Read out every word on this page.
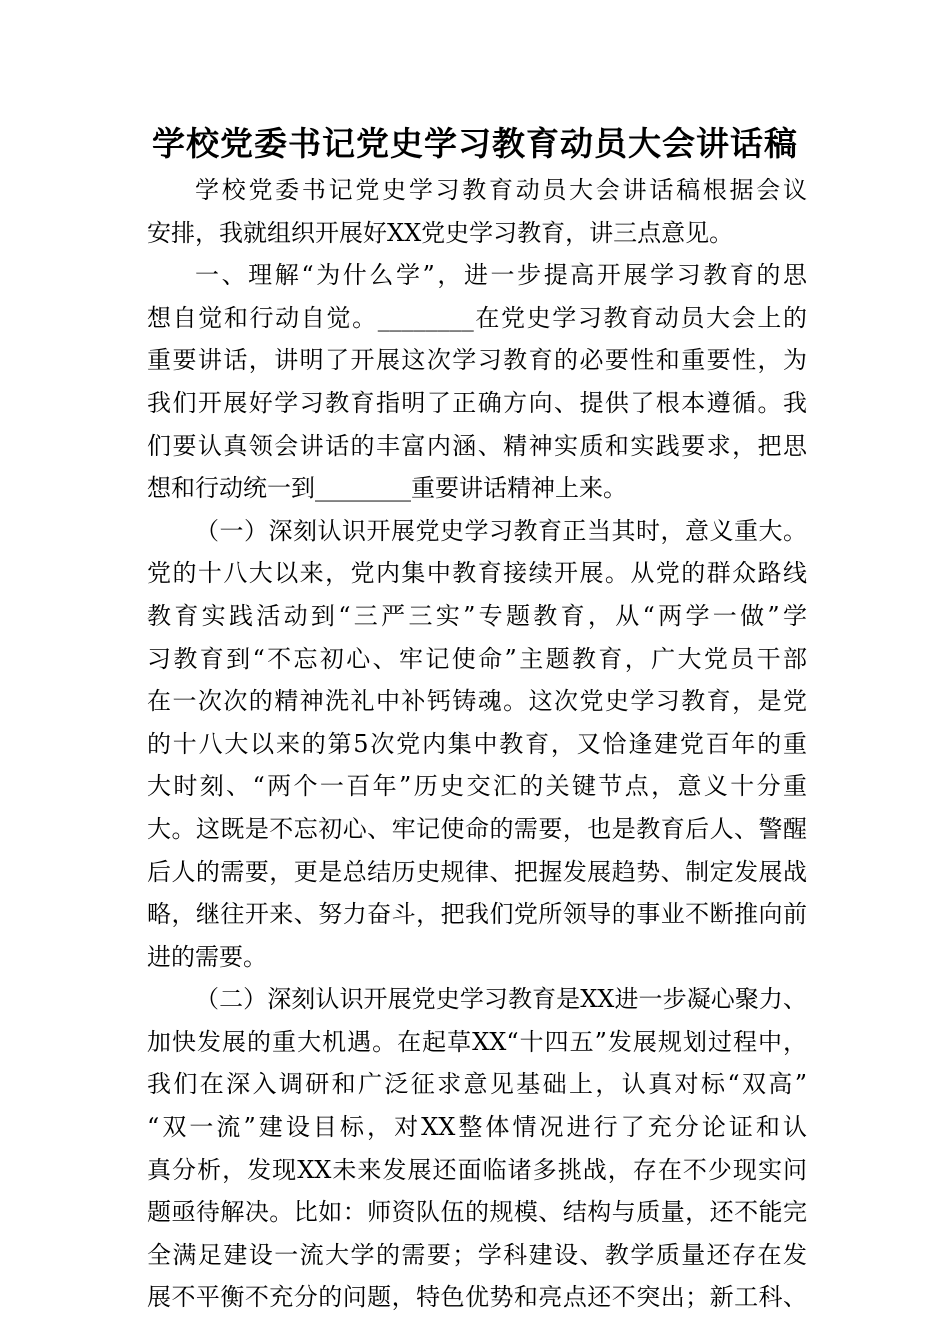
学校党委书记党史学习教育动员大会讲话稿
学校党委书记党史学习教育动员大会讲话稿根据会议
安排，我就组织开展好XX党史学习教育，讲三点意见。
一、理解“为什么学”，进一步提高开展学习教育的思
想自觉和行动自觉。________在党史学习教育动员大会上的
重要讲话，讲明了开展这次学习教育的必要性和重要性，为
我们开展好学习教育指明了正确方向、提供了根本遵循。我
们要认真领会讲话的丰富内涵、精神实质和实践要求，把思
想和行动统一到________重要讲话精神上来。
（一）深刻认识开展党史学习教育正当其时，意义重大。
党的十八大以来，党内集中教育接续开展。从党的群众路线
教育实践活动到“三严三实”专题教育，从“两学一做”学
习教育到“不忘初心、牢记使命”主题教育，广大党员干部
在一次次的精神洗礼中补钙铸魂。这次党史学习教育，是党
的十八大以来的第5次党内集中教育，又恰逢建党百年的重
大时刻、“两个一百年”历史交汇的关键节点，意义十分重
大。这既是不忘初心、牢记使命的需要，也是教育后人、警醒
后人的需要，更是总结历史规律、把握发展趋势、制定发展战
略，继往开来、努力奋斗，把我们党所领导的事业不断推向前
进的需要。
（二）深刻认识开展党史学习教育是XX进一步凝心聚力、
加快发展的重大机遇。在起草XX“十四五”发展规划过程中，
我们在深入调研和广泛征求意见基础上，认真对标“双高”
“双一流”建设目标，对XX整体情况进行了充分论证和认
真分析，发现XX未来发展还面临诸多挑战，存在不少现实问
题亟待解决。比如：师资队伍的规模、结构与质量，还不能完
全满足建设一流大学的需要；学科建设、教学质量还存在发
展不平衡不充分的问题，特色优势和亮点还不突出；新工科、
